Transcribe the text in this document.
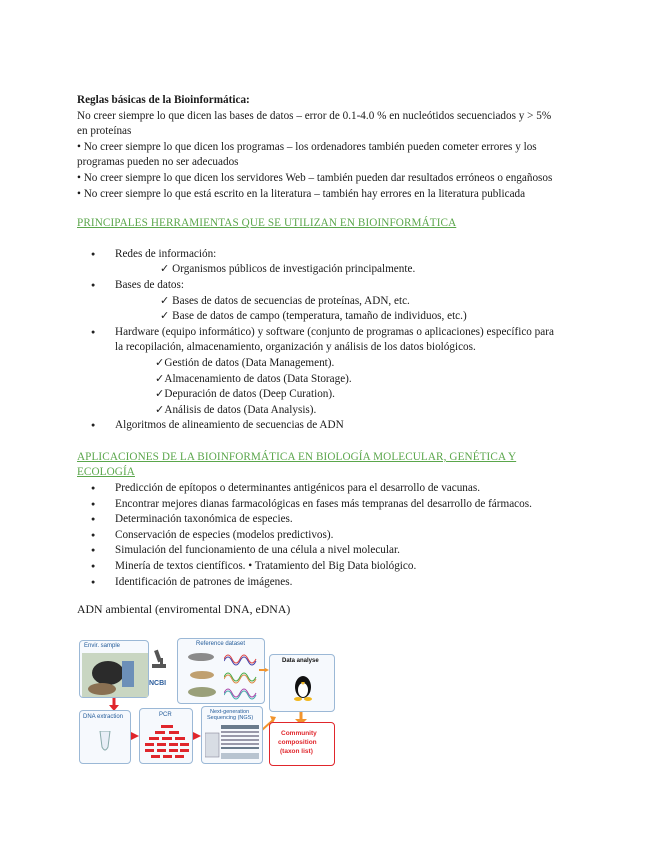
Reglas básicas de la Bioinformática:

No creer siempre lo que dicen las bases de datos – error de 0.1-4.0 % en nucleótidos secuenciados y > 5%

en proteínas

• No creer siempre lo que dicen los programas – los ordenadores también pueden cometer errores y los

programas pueden no ser adecuados

• No creer siempre lo que dicen los servidores Web – también pueden dar resultados erróneos o engañosos

• No creer siempre lo que está escrito en la literatura – también hay errores en la literatura publicada

PRINCIPALES HERRAMIENTAS QUE SE UTILIZAN EN BIOINFORMÁTICA

● Redes de información:
✓ Organismos públicos de investigación principalmente.
● Bases de datos:
✓ Bases de datos de secuencias de proteínas, ADN, etc.
✓ Base de datos de campo (temperatura, tamaño de individuos, etc.)
● Hardware (equipo informático) y software (conjunto de programas o aplicaciones) específico para
la recopilación, almacenamiento, organización y análisis de los datos biológicos.
✓Gestión de datos (Data Management).
✓Almacenamiento de datos (Data Storage).
✓Depuración de datos (Deep Curation).
✓Análisis de datos (Data Analysis).
● Algoritmos de alineamiento de secuencias de ADN

APLICACIONES DE LA BIOINFORMÁTICA EN BIOLOGÍA MOLECULAR, GENÉTICA Y

ECOLOGÍA

● Predicción de epítopos o determinantes antigénicos para el desarrollo de vacunas.
● Encontrar mejores dianas farmacológicas en fases más tempranas del desarrollo de fármacos.
● Determinación taxonómica de especies.
● Conservación de especies (modelos predictivos).
● Simulación del funcionamiento de una célula a nivel molecular.
● Minería de textos científicos. • Tratamiento del Big Data biológico.
● Identificación de patrones de imágenes.

ADN ambiental (enviromental DNA, eDNA)

Envir. sample	Reference dataset
NCBI
Data analyse
DNA extraction	PCR	Next-generation
Sequencing (NGS)
Community
composition
(taxon list)
